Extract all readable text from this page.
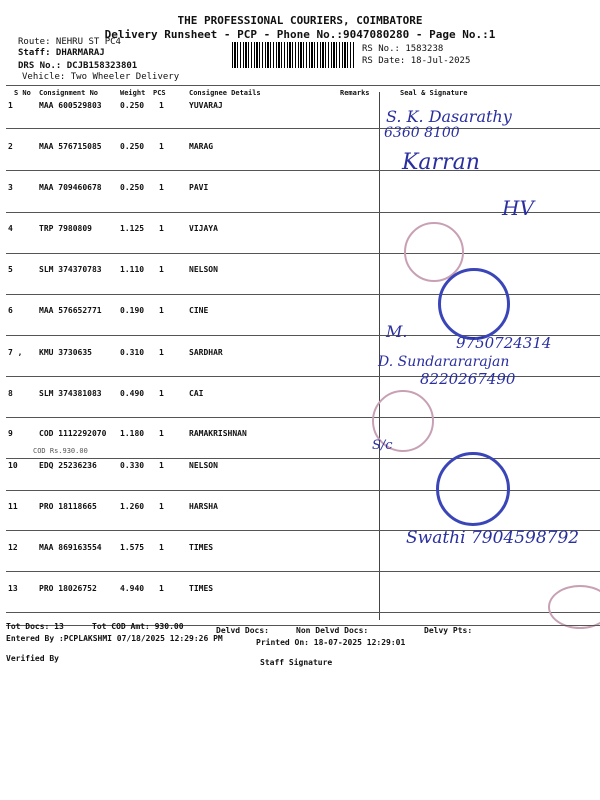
THE PROFESSIONAL COURIERS, COIMBATORE
Delivery Runsheet - PCP - Phone No.:9047080280 - Page No.:1
Route: NEHRU ST PC4
Staff: DHARMARAJ
DRS No.: DCJB158323801
Vehicle: Two Wheeler Delivery
RS No.: 1583238
RS Date: 18-Jul-2025
S No Consignment No	Weight PCS	Consignee Details	Remarks	Seal & Signature
1	MAA 600529803 0.250 1	YUVARAJ
2	MAA 576715085 0.250 1	MARAG
3	MAA 709460678 0.250 1	PAVI
4	TRP 7980809	1.125 1	VIJAYA
5	SLM 374370783 1.110 1	NELSON
6	MAA 576652771 0.190 1	CINE
7 , KMU 3730635	0.310 1	SARDHAR
8	SLM 374381083 0.490 1	CAI
9	COD 1112292070 1.180 1	RAMAKRISHNAN
COD Rs.930.00
10	EDQ 25236236	0.330 1	NELSON
11	PRO 18118665	1.260 1	HARSHA
12	MAA 869163554 1.575 1	TIMES
13	PRO 18026752	4.940 1	TIMES
S. K. Dasarathy
6360 8100
Karran
HV
M.
9750724314
D. Sundarararajan
8220267490
S/c
Swathi 7904598792
Tot Docs: 13	Tot COD Amt: 930.00	Delvd Docs:	Non Delvd Docs:	Delvy Pts:
Entered By :PCPLAKSHMI 07/18/2025 12:29:26 PM	Printed On: 18-07-2025 12:29:01
Verified By	Staff Signature
